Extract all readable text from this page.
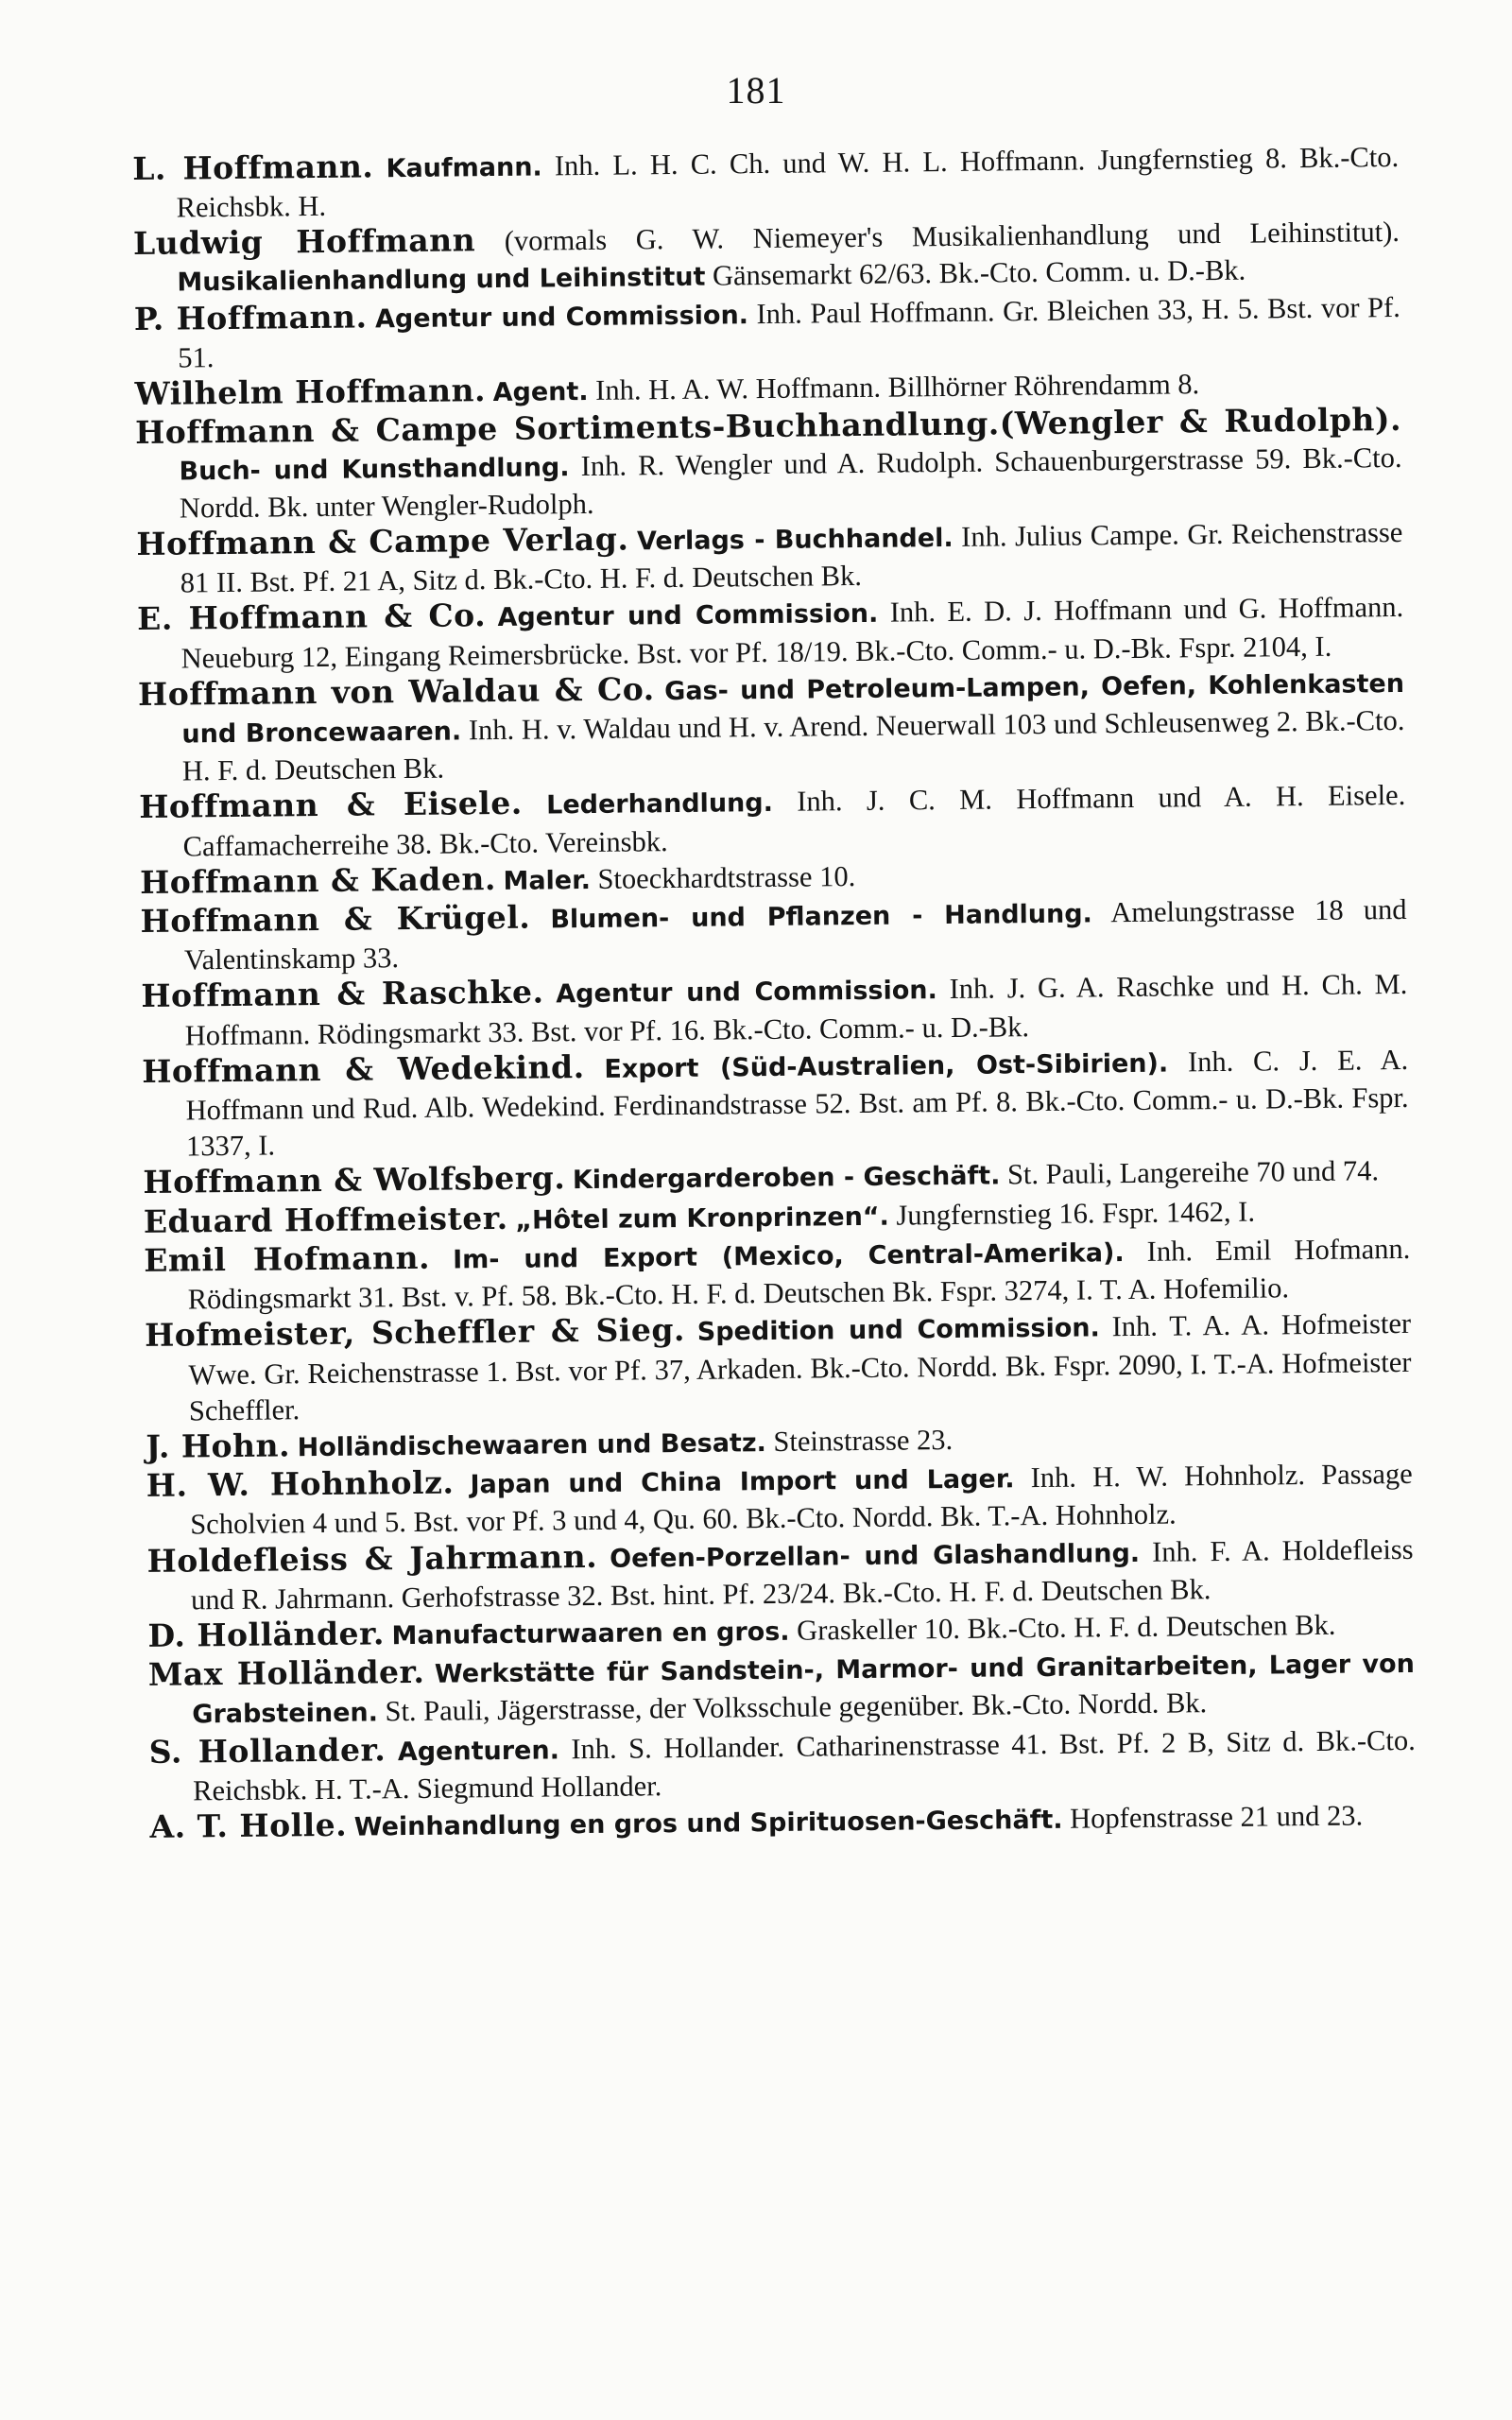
181
L. Hoffmann. Kaufmann. Inh. L. H. C. Ch. und W. H. L. Hoffmann. Jungfernstieg 8. Bk.-Cto. Reichsbk. H.
Ludwig Hoffmann (vormals G. W. Niemeyer's Musikalienhandlung und Leihinstitut). Musikalienhandlung und Leihinstitut Gänsemarkt 62/63. Bk.-Cto. Comm. u. D.-Bk.
P. Hoffmann. Agentur und Commission. Inh. Paul Hoffmann. Gr. Bleichen 33, H. 5. Bst. vor Pf. 51.
Wilhelm Hoffmann. Agent. Inh. H. A. W. Hoffmann. Billhörner Röhrendamm 8.
Hoffmann & Campe Sortiments-Buchhandlung.(Wengler & Rudolph). Buch- und Kunsthandlung. Inh. R. Wengler und A. Rudolph. Schauenburgerstrasse 59. Bk.-Cto. Nordd. Bk. unter Wengler-Rudolph.
Hoffmann & Campe Verlag. Verlags - Buchhandel. Inh. Julius Campe. Gr. Reichenstrasse 81 II. Bst. Pf. 21 A, Sitz d. Bk.-Cto. H. F. d. Deutschen Bk.
E. Hoffmann & Co. Agentur und Commission. Inh. E. D. J. Hoffmann und G. Hoffmann. Neueburg 12, Eingang Reimersbrücke. Bst. vor Pf. 18/19. Bk.-Cto. Comm.- u. D.-Bk. Fspr. 2104, I.
Hoffmann von Waldau & Co. Gas- und Petroleum-Lampen, Oefen, Kohlenkasten und Broncewaaren. Inh. H. v. Waldau und H. v. Arend. Neuerwall 103 und Schleusenweg 2. Bk.-Cto. H. F. d. Deutschen Bk.
Hoffmann & Eisele. Lederhandlung. Inh. J. C. M. Hoffmann und A. H. Eisele. Caffamacherreihe 38. Bk.-Cto. Vereinsbk.
Hoffmann & Kaden. Maler. Stoeckhardtstrasse 10.
Hoffmann & Krügel. Blumen- und Pflanzen - Handlung. Amelungstrasse 18 und Valentinskamp 33.
Hoffmann & Raschke. Agentur und Commission. Inh. J. G. A. Raschke und H. Ch. M. Hoffmann. Rödingsmarkt 33. Bst. vor Pf. 16. Bk.-Cto. Comm.- u. D.-Bk.
Hoffmann & Wedekind. Export (Süd-Australien, Ost-Sibirien). Inh. C. J. E. A. Hoffmann und Rud. Alb. Wedekind. Ferdinandstrasse 52. Bst. am Pf. 8. Bk.-Cto. Comm.- u. D.-Bk. Fspr. 1337, I.
Hoffmann & Wolfsberg. Kindergarderoben - Geschäft. St. Pauli, Langereihe 70 und 74.
Eduard Hoffmeister. „Hôtel zum Kronprinzen“. Jungfernstieg 16. Fspr. 1462, I.
Emil Hofmann. Im- und Export (Mexico, Central-Amerika). Inh. Emil Hofmann. Rödingsmarkt 31. Bst. v. Pf. 58. Bk.-Cto. H. F. d. Deutschen Bk. Fspr. 3274, I. T. A. Hofemilio.
Hofmeister, Scheffler & Sieg. Spedition und Commission. Inh. T. A. A. Hofmeister Wwe. Gr. Reichenstrasse 1. Bst. vor Pf. 37, Arkaden. Bk.-Cto. Nordd. Bk. Fspr. 2090, I. T.-A. Hofmeister Scheffler.
J. Hohn. Holländischewaaren und Besatz. Steinstrasse 23.
H. W. Hohnholz. Japan und China Import und Lager. Inh. H. W. Hohnholz. Passage Scholvien 4 und 5. Bst. vor Pf. 3 und 4, Qu. 60. Bk.-Cto. Nordd. Bk. T.-A. Hohnholz.
Holdefleiss & Jahrmann. Oefen-Porzellan- und Glashandlung. Inh. F. A. Holdefleiss und R. Jahrmann. Gerhofstrasse 32. Bst. hint. Pf. 23/24. Bk.-Cto. H. F. d. Deutschen Bk.
D. Holländer. Manufacturwaaren en gros. Graskeller 10. Bk.-Cto. H. F. d. Deutschen Bk.
Max Holländer. Werkstätte für Sandstein-, Marmor- und Granitarbeiten, Lager von Grabsteinen. St. Pauli, Jägerstrasse, der Volksschule gegenüber. Bk.-Cto. Nordd. Bk.
S. Hollander. Agenturen. Inh. S. Hollander. Catharinenstrasse 41. Bst. Pf. 2 B, Sitz d. Bk.-Cto. Reichsbk. H. T.-A. Siegmund Hollander.
A. T. Holle. Weinhandlung en gros und Spirituosen-Geschäft. Hopfenstrasse 21 und 23.
